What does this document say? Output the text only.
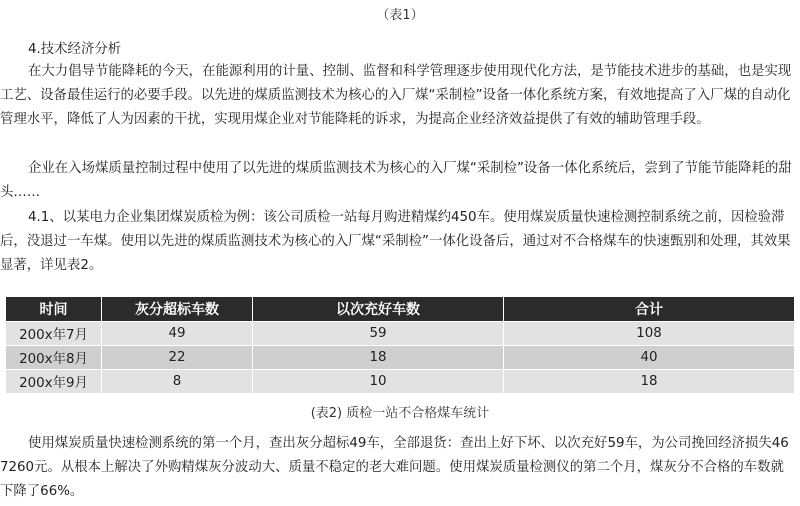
（表1）
4.技术经济分析

在大力倡导节能降耗的今天，在能源利用的计量、控制、监督和科学管理逐步使用现代化方法，是节能技术进步的基础，也是实现工艺、设备最佳运行的必要手段。以先进的煤质监测技术为核心的入厂煤“采制检”设备一体化系统方案，有效地提高了入厂煤的自动化管理水平，降低了人为因素的干扰，实现用煤企业对节能降耗的诉求，为提高企业经济效益提供了有效的辅助管理手段。

企业在入场煤质量控制过程中使用了以先进的煤质监测技术为核心的入厂煤“采制检”设备一体化系统后，尝到了节能节能降耗的甜头……

4.1、以某电力企业集团煤炭质检为例：该公司质检一站每月购进精煤约450车。使用煤炭质量快速检测控制系统之前，因检验滞后，没退过一车煤。使用以先进的煤质监测技术为核心的入厂煤“采制检”一体化设备后，通过对不合格煤车的快速甄别和处理，其效果显著，详见表2。

时间	灰分超标车数	以次充好车数	合计
200x年7月	49	59	108
200x年8月	22	18	40
200x年9月	8	10	18
(表2) 质检一站不合格煤车统计

使用煤炭质量快速检测系统的第一个月，查出灰分超标49车，全部退货：查出上好下坏、以次充好59车，为公司挽回经济损失467260元。从根本上解决了外购精煤灰分波动大、质量不稳定的老大难问题。使用煤炭质量检测仪的第二个月，煤灰分不合格的车数就下降了66%。
